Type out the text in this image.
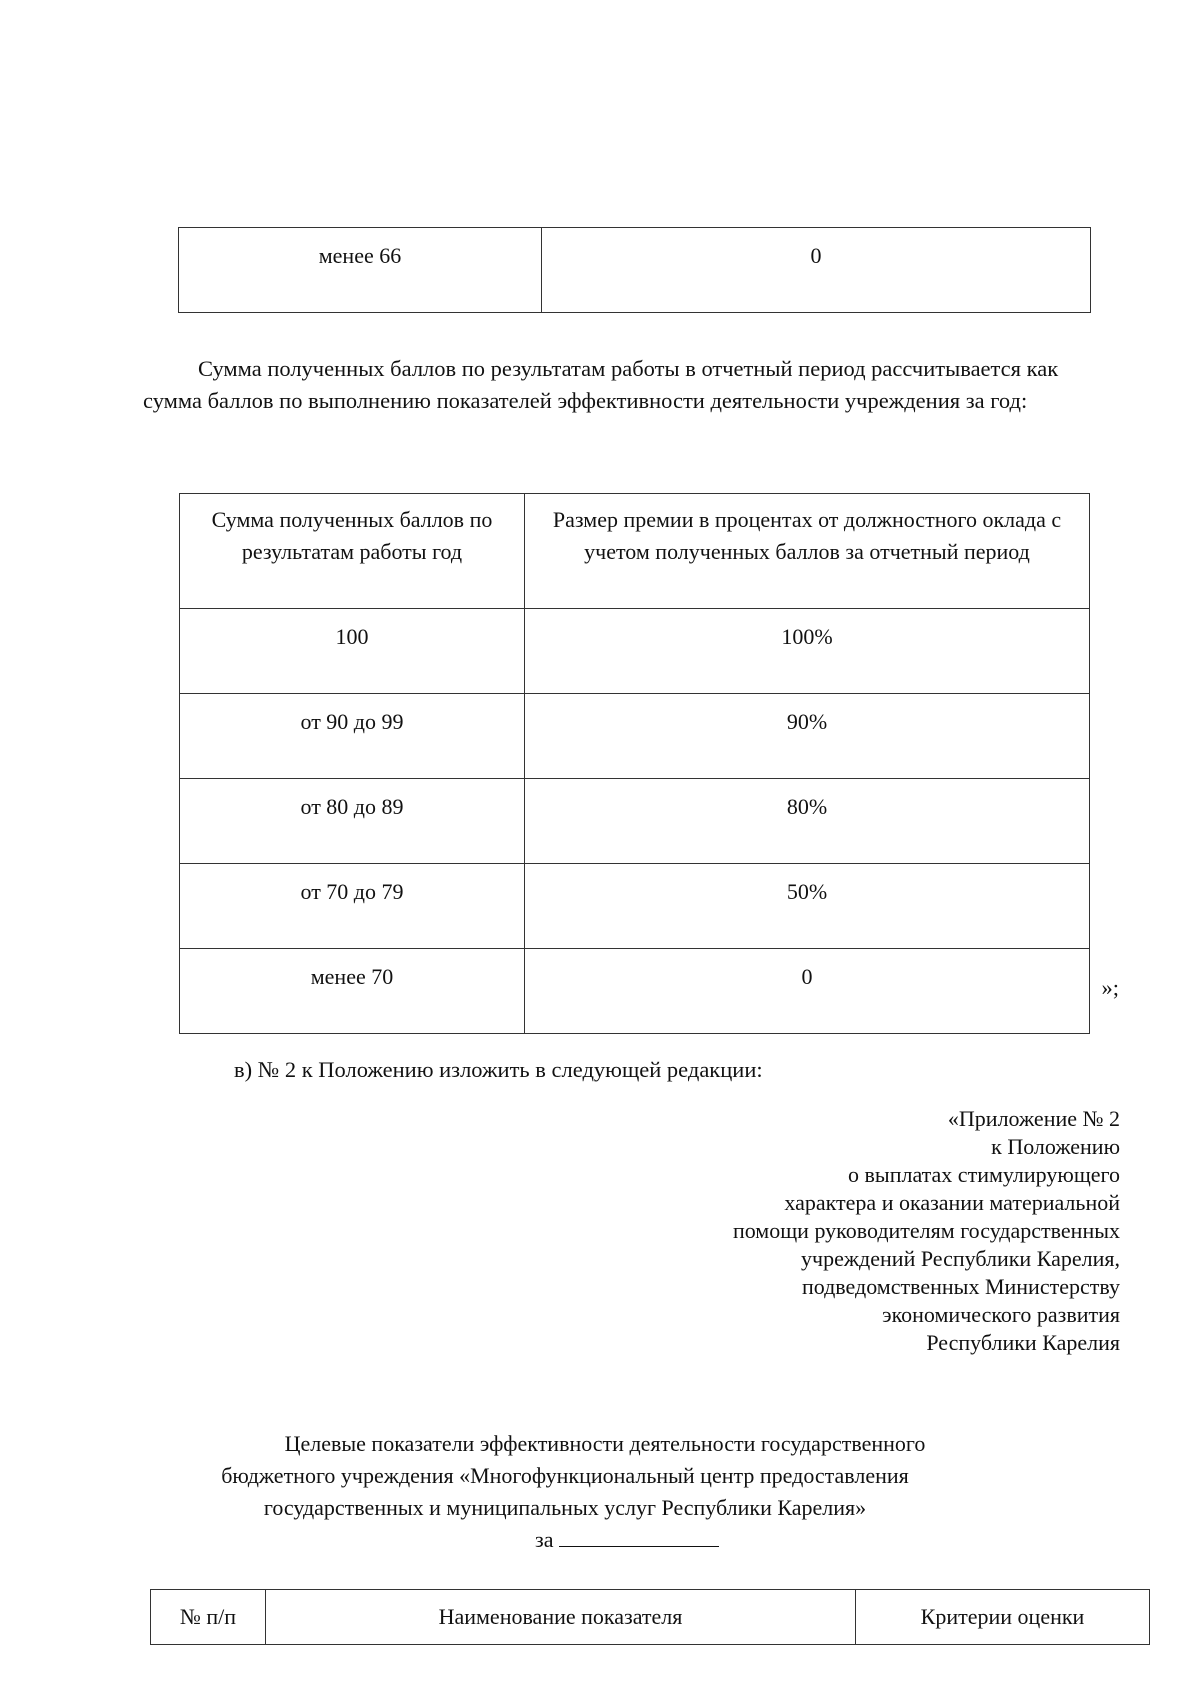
менее 66	0
Сумма полученных баллов по результатам работы в отчетный период рассчитывается как
сумма баллов по выполнению показателей эффективности деятельности учреждения за год:
Сумма полученных баллов по результатам работы год	Размер премии в процентах от должностного оклада с учетом полученных баллов за отчетный период
100	100%
от 90 до 99	90%
от 80 до 89	80%
от 70 до 79	50%
менее 70	0	»;
в) № 2 к Положению изложить в следующей редакции:
«Приложение № 2
к Положению
о выплатах стимулирующего
характера и оказании материальной
помощи руководителям государственных
учреждений Республики Карелия,
подведомственных Министерству
экономического развития
Республики Карелия
Целевые показатели эффективности деятельности государственного
бюджетного учреждения «Многофункциональный центр предоставления
государственных и муниципальных услуг Республики Карелия»
за
№ п/п	Наименование показателя	Критерии оценки
